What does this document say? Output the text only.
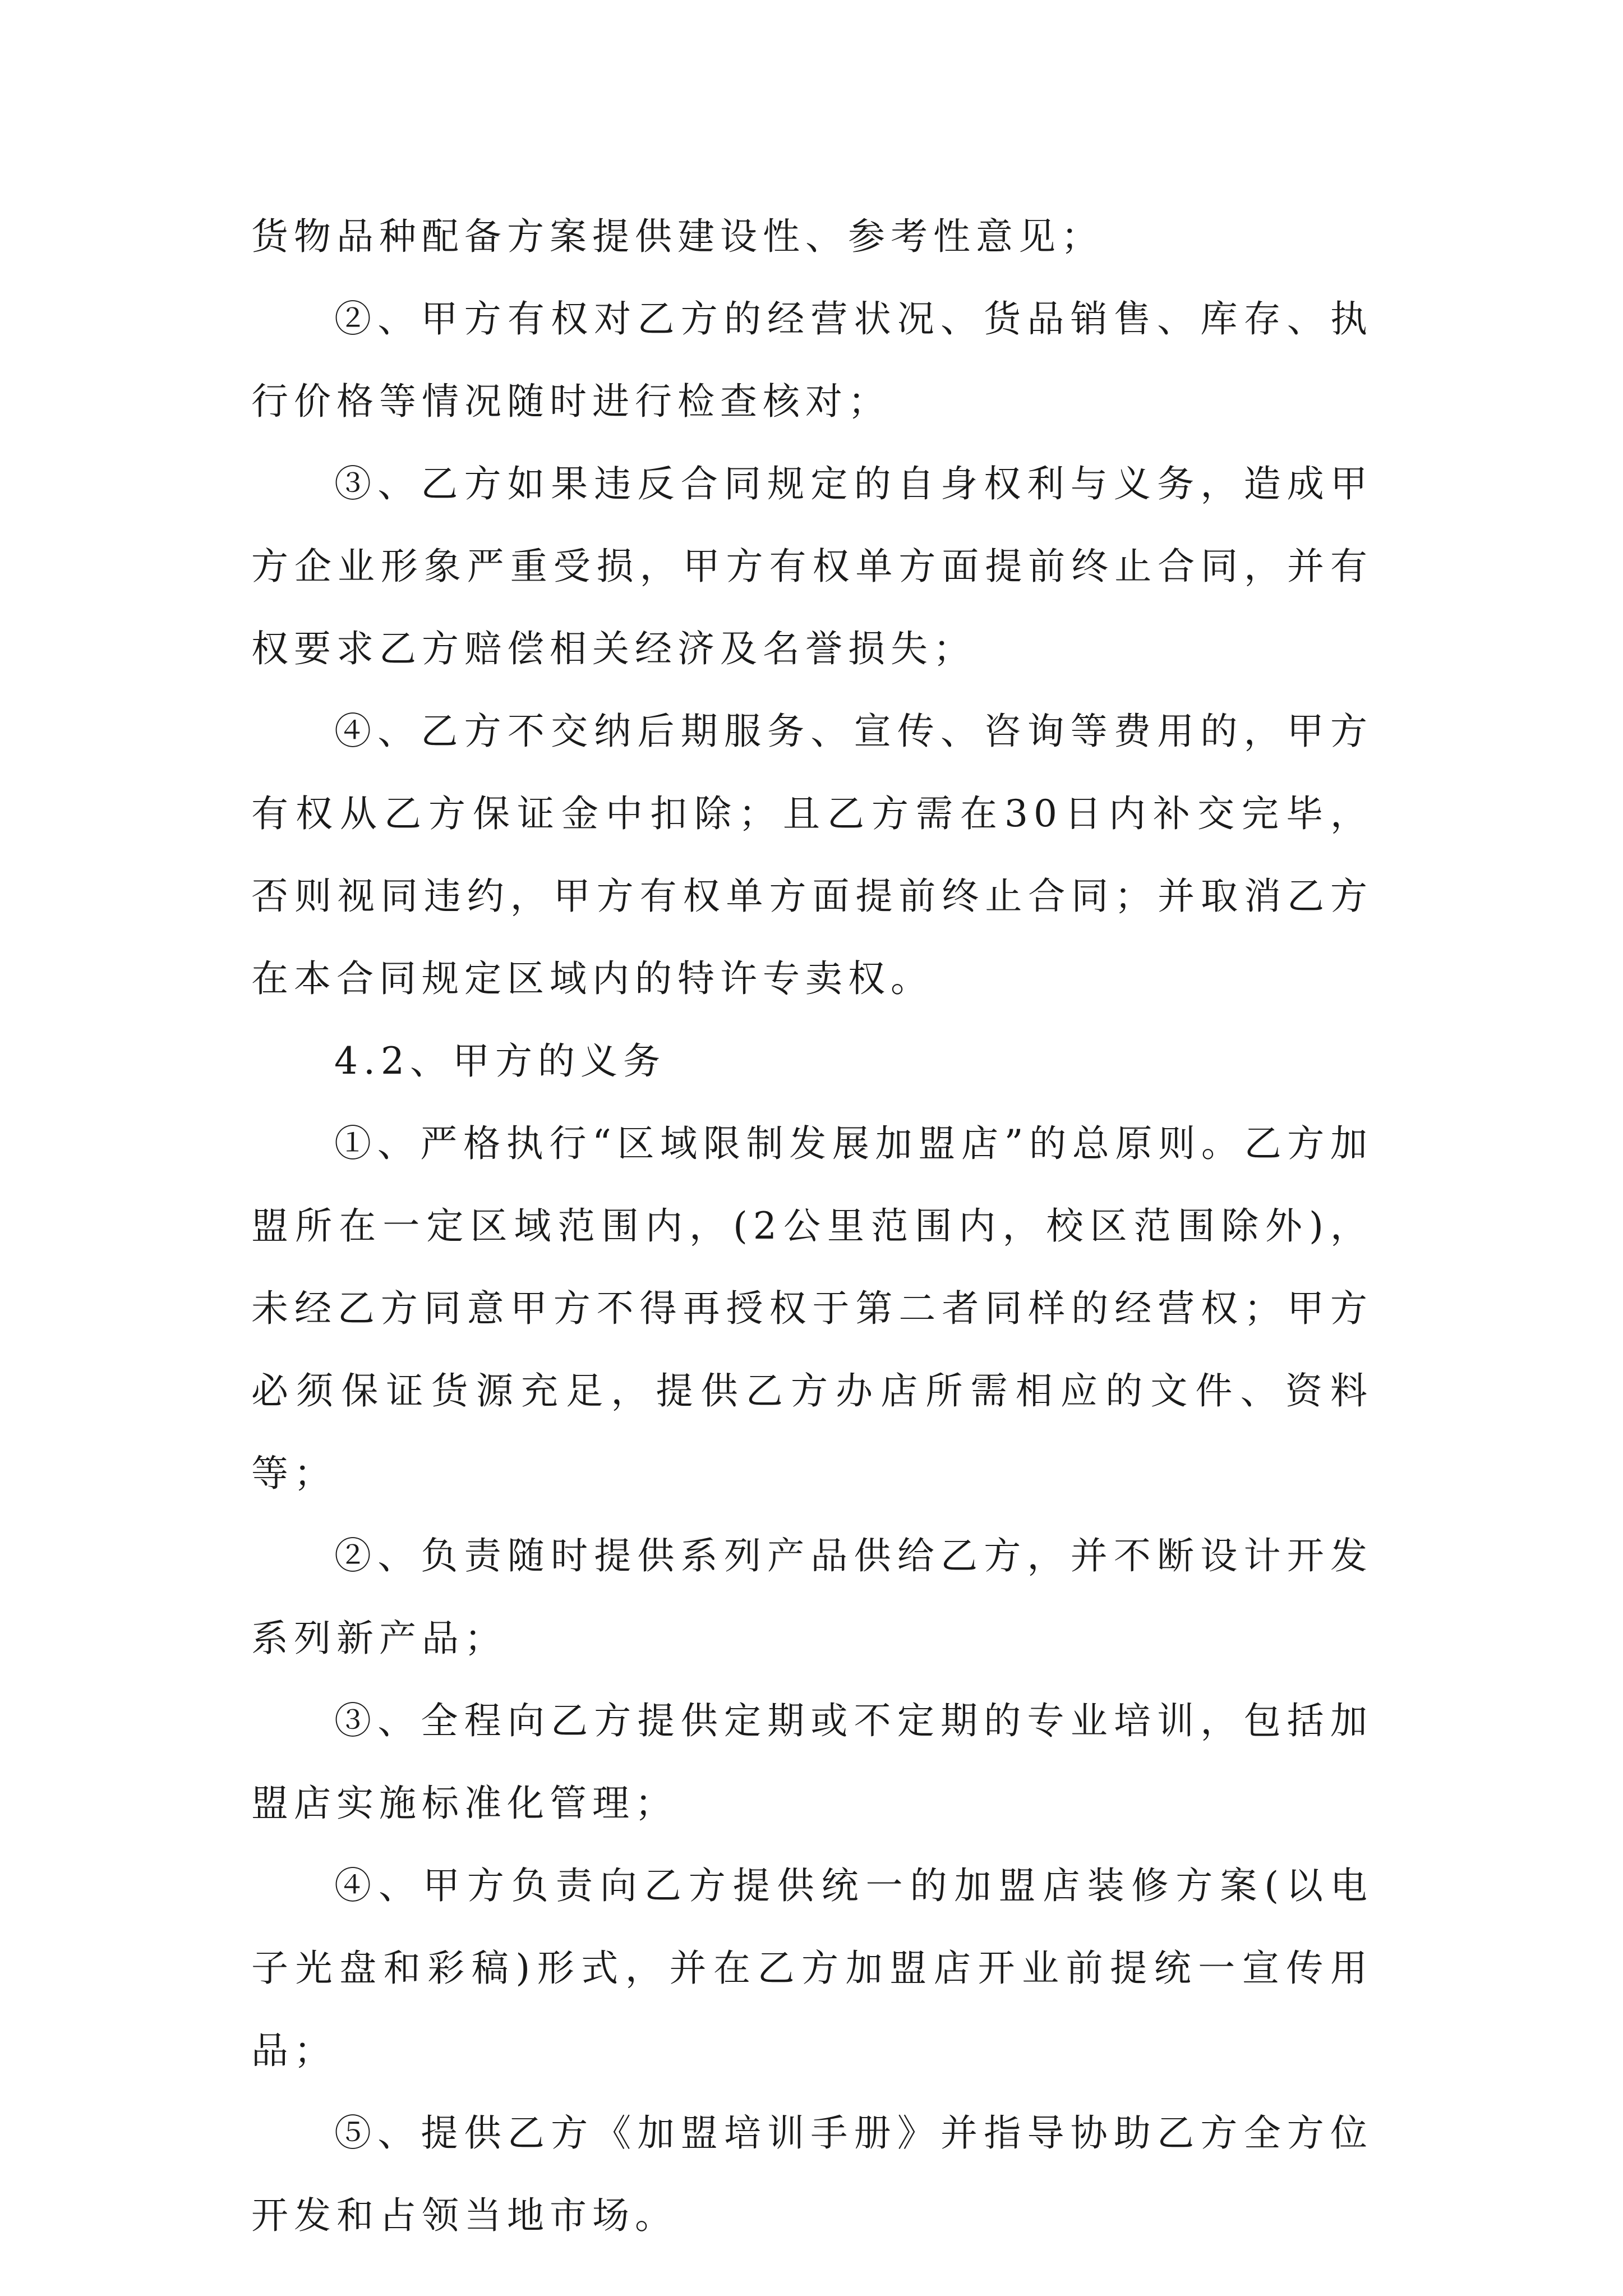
货物品种配备方案提供建设性、参考性意见；

②、甲方有权对乙方的经营状况、货品销售、库存、执行价格等情况随时进行检查核对；

③、乙方如果违反合同规定的自身权利与义务，造成甲方企业形象严重受损，甲方有权单方面提前终止合同，并有权要求乙方赔偿相关经济及名誉损失；

④、乙方不交纳后期服务、宣传、咨询等费用的，甲方有权从乙方保证金中扣除；且乙方需在30日内补交完毕，否则视同违约，甲方有权单方面提前终止合同；并取消乙方在本合同规定区域内的特许专卖权。

4.2、甲方的义务

①、严格执行“区域限制发展加盟店”的总原则。乙方加盟所在一定区域范围内，(2公里范围内，校区范围除外)，未经乙方同意甲方不得再授权于第二者同样的经营权；甲方必须保证货源充足，提供乙方办店所需相应的文件、资料等；

②、负责随时提供系列产品供给乙方，并不断设计开发系列新产品；

③、全程向乙方提供定期或不定期的专业培训，包括加盟店实施标准化管理；

④、甲方负责向乙方提供统一的加盟店装修方案(以电子光盘和彩稿)形式，并在乙方加盟店开业前提统一宣传用品；

⑤、提供乙方《加盟培训手册》并指导协助乙方全方位开发和占领当地市场。
